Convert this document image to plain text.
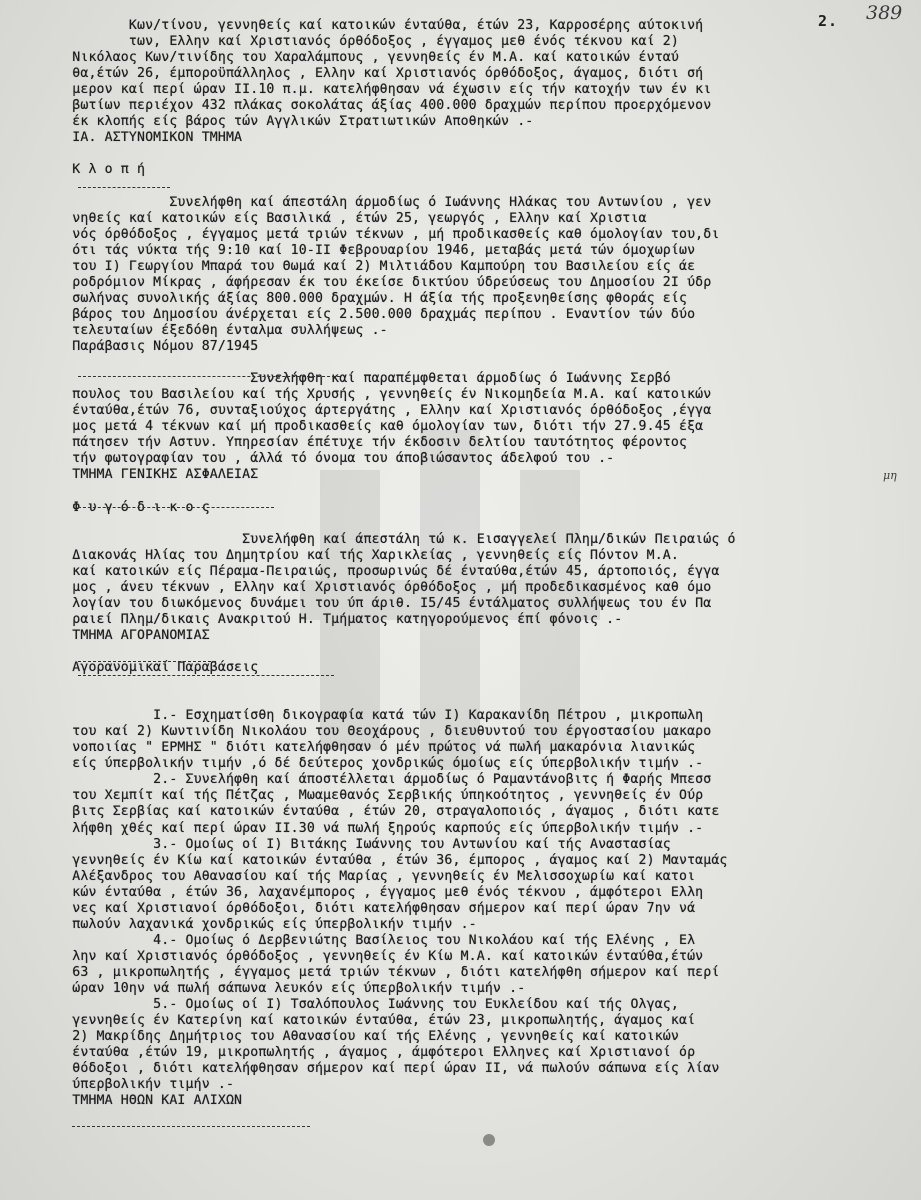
2. 389
μη
Κων/τίνου, γεννηθείς καί κατοικών ένταύθα, έτών 23, Καρροσέρης αύτοκινή
των, Ελλην καί Χριστιανός όρθόδοξος , έγγαμος μεθ ένός τέκνου καί 2)
Νικόλαος Κων/τινίδης του Χαραλάμπους , γεννηθείς έν Μ.Α. καί κατοικών ένταύ
θα,έτών 26, έμποροϋπάλληλος , Ελλην καί Χριστιανός όρθόδοξος, άγαμος, διότι σή
μερον καί περί ώραν ΙΙ.10 π.μ. κατελήφθησαν νά έχωσιν είς τήν κατοχήν των έν κι
βωτίων περιέχον 432 πλάκας σοκολάτας άξίας 400.000 δραχμών περίπου προερχόμενον
έκ κλοπής είς βάρος τών Αγγλικών Στρατιωτικών Αποθηκών .-
ΙΑ. ΑΣΤΥΝΟΜΙΚΟΝ ΤΜΗΜΑ
Κ λ ο π ή
Συνελήφθη καί άπεστάλη άρμοδίως ό Ιωάννης Ηλάκας του Αντωνίου , γεν
νηθείς καί κατοικών είς Βασιλικά , έτών 25, γεωργός , Ελλην καί Χριστια
νός όρθόδοξος , έγγαμος μετά τριών τέκνων , μή προδικασθείς καθ όμολογίαν του,δι
ότι τάς νύκτα τής 9:10 καί 10-ΙΙ Φεβρουαρίου 1946, μεταβάς μετά τών όμοχωρίων
του Ι) Γεωργίου Μπαρά του Θωμά καί 2) Μιλτιάδου Καμπούρη του Βασιλείου είς άε
ροδρόμιον Μίκρας , άφήρεσαν έκ του έκείσε δικτύου ύδρεύσεως του Δημοσίου 2Ι ύδρ
σωλήνας συνολικής άξίας 800.000 δραχμών. Η άξία τής προξενηθείσης φθοράς είς
βάρος του Δημοσίου άνέρχεται είς 2.500.000 δραχμάς περίπου . Εναντίον τών δύο
τελευταίων έξεδόθη ένταλμα συλλήψεως .-
Παράβασις Νόμου 87/1945
Συνελήφθη καί παραπέμφθεται άρμοδίως ό Ιωάννης Σερβό
πουλος του Βασιλείου καί τής Χρυσής , γεννηθείς έν Νικομηδεία Μ.Α. καί κατοικών
ένταύθα,έτών 76, συνταξιούχος άρτεργάτης , Ελλην καί Χριστιανός όρθόδοξος ,έγγα
μος μετά 4 τέκνων καί μή προδικασθείς καθ όμολογίαν των, διότι τήν 27.9.45 έξα
πάτησεν τήν Αστυν. Υπηρεσίαν έπέτυχε τήν έκδοσιν δελτίου ταυτότητος φέροντος
τήν φωτογραφίαν του , άλλά τό όνομα του άποβιώσαντος άδελφού του .-
ΤΜΗΜΑ ΓΕΝΙΚΗΣ ΑΣΦΑΛΕΙΑΣ
Φ υ γ ό δ ι κ ο ς
Συνελήφθη καί άπεστάλη τώ κ. Εισαγγελεί Πλημ/δικών Πειραιώς ό
Διακονάς Ηλίας του Δημητρίου καί τής Χαρικλείας , γεννηθείς είς Πόντον Μ.Α.
καί κατοικών είς Πέραμα-Πειραιώς, προσωρινώς δέ ένταύθα,έτών 45, άρτοποιός, έγγα
μος , άνευ τέκνων , Ελλην καί Χριστιανός όρθόδοξος , μή προδεδικασμένος καθ όμο
λογίαν του διωκόμενος δυνάμει του ύπ άριθ. Ι5/45 έντάλματος συλλήψεως του έν Πα
ραιεί Πλημ/δικαις Ανακριτού Η. Τμήματος κατηγορούμενος έπί φόνοις .-
ΤΜΗΜΑ ΑΓΟΡΑΝΟΜΙΑΣ
Αγορανομικαί Παραβάσεις
Ι.- Εσχηματίσθη δικογραφία κατά τών Ι) Καρακανίδη Πέτρου , μικροπωλη
του καί 2) Κωντινίδη Νικολάου του Θεοχάρους , διευθυντού του έργοστασίου μακαρο
νοποιίας " ΕΡΜΗΣ " διότι κατελήφθησαν ό μέν πρώτος νά πωλή μακαρόνια λιανικώς
είς ύπερβολικήν τιμήν ,ό δέ δεύτερος χονδρικώς όμοίως είς ύπερβολικήν τιμήν .-
2.- Συνελήφθη καί άποστέλλεται άρμοδίως ό Ραμαντάνοβιτς ή Φαρής Μπεσσ
του Χεμπίτ καί τής Πέτζας , Μωαμεθανός Σερβικής ύπηκοότητος , γεννηθείς έν Ούρ
βιτς Σερβίας καί κατοικών ένταύθα , έτών 20, στραγαλοποιός , άγαμος , διότι κατε
λήφθη χθές καί περί ώραν ΙΙ.30 νά πωλή ξηρούς καρπούς είς ύπερβολικήν τιμήν .-
3.- Ομοίως οί Ι) Βιτάκης Ιωάννης του Αντωνίου καί τής Αναστασίας
γεννηθείς έν Κίω καί κατοικών ένταύθα , έτών 36, έμπορος , άγαμος καί 2) Μανταμάς
Αλέξανδρος του Αθανασίου καί τής Μαρίας , γεννηθείς έν Μελισσοχωρίω καί κατοι
κών ένταύθα , έτών 36, λαχανέμπορος , έγγαμος μεθ ένός τέκνου , άμφότεροι Ελλη
νες καί Χριστιανοί όρθόδοξοι, διότι κατελήφθησαν σήμερον καί περί ώραν 7ην νά
πωλούν λαχανικά χονδρικώς είς ύπερβολικήν τιμήν .-
4.- Ομοίως ό Δερβενιώτης Βασίλειος του Νικολάου καί τής Ελένης , Ελ
λην καί Χριστιανός όρθόδοξος , γεννηθείς έν Κίω Μ.Α. καί κατοικών ένταύθα,έτών
63 , μικροπωλητής , έγγαμος μετά τριών τέκνων , διότι κατελήφθη σήμερον καί περί
ώραν 10ην νά πωλή σάπωνα λευκόν είς ύπερβολικήν τιμήν .-
5.- Ομοίως οί Ι) Τσαλόπουλος Ιωάννης του Ευκλείδου καί τής Ολγας,
γεννηθείς έν Κατερίνη καί κατοικών ένταύθα, έτών 23, μικροπωλητής, άγαμος καί
2) Μακρίδης Δημήτριος του Αθανασίου καί τής Ελένης , γεννηθείς καί κατοικών
ένταύθα ,έτών 19, μικροπωλητής , άγαμος , άμφότεροι Ελληνες καί Χριστιανοί όρ
θόδοξοι , διότι κατελήφθησαν σήμερον καί περί ώραν ΙΙ, νά πωλούν σάπωνα είς λίαν
ύπερβολικήν τιμήν .-
ΤΜΗΜΑ ΗΘΩΝ ΚΑΙ ΑΛΙΧΩΝ
